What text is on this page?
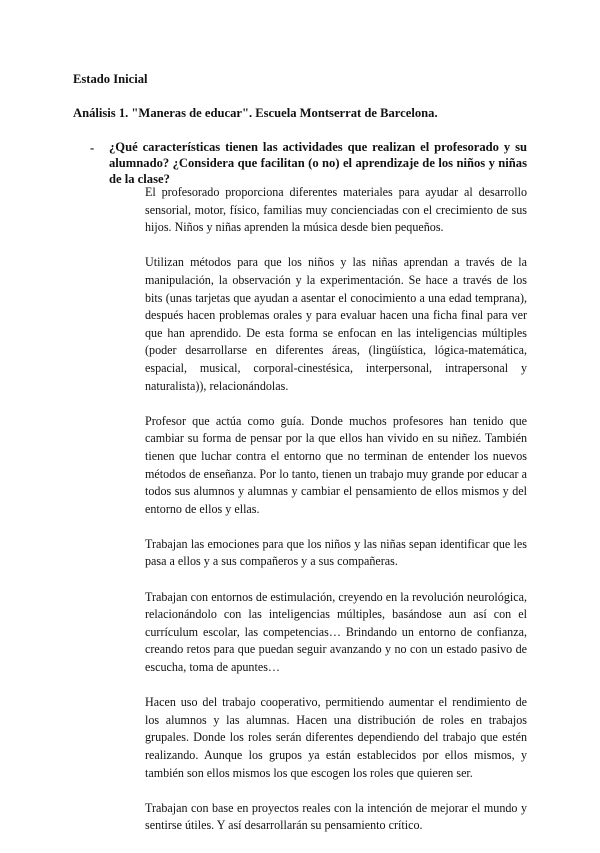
Estado Inicial
Análisis 1. "Maneras de educar". Escuela Montserrat de Barcelona.
- ¿Qué características tienen las actividades que realizan el profesorado y su alumnado? ¿Considera que facilitan (o no) el aprendizaje de los niños y niñas de la clase?

El profesorado proporciona diferentes materiales para ayudar al desarrollo sensorial, motor, físico, familias muy concienciadas con el crecimiento de sus hijos. Niños y niñas aprenden la música desde bien pequeños.

Utilizan métodos para que los niños y las niñas aprendan a través de la manipulación, la observación y la experimentación. Se hace a través de los bits (unas tarjetas que ayudan a asentar el conocimiento a una edad temprana), después hacen problemas orales y para evaluar hacen una ficha final para ver que han aprendido. De esta forma se enfocan en las inteligencias múltiples (poder desarrollarse en diferentes áreas, (lingüística, lógica-matemática, espacial, musical, corporal-cinestésica, interpersonal, intrapersonal y naturalista)), relacionándolas.

Profesor que actúa como guía. Donde muchos profesores han tenido que cambiar su forma de pensar por la que ellos han vivido en su niñez. También tienen que luchar contra el entorno que no terminan de entender los nuevos métodos de enseñanza. Por lo tanto, tienen un trabajo muy grande por educar a todos sus alumnos y alumnas y cambiar el pensamiento de ellos mismos y del entorno de ellos y ellas.

Trabajan las emociones para que los niños y las niñas sepan identificar que les pasa a ellos y a sus compañeros y a sus compañeras.

Trabajan con entornos de estimulación, creyendo en la revolución neurológica, relacionándolo con las inteligencias múltiples, basándose aun así con el currículum escolar, las competencias… Brindando un entorno de confianza, creando retos para que puedan seguir avanzando y no con un estado pasivo de escucha, toma de apuntes…

Hacen uso del trabajo cooperativo, permitiendo aumentar el rendimiento de los alumnos y las alumnas. Hacen una distribución de roles en trabajos grupales. Donde los roles serán diferentes dependiendo del trabajo que estén realizando. Aunque los grupos ya están establecidos por ellos mismos, y también son ellos mismos los que escogen los roles que quieren ser.

Trabajan con base en proyectos reales con la intención de mejorar el mundo y sentirse útiles. Y así desarrollarán su pensamiento crítico.
